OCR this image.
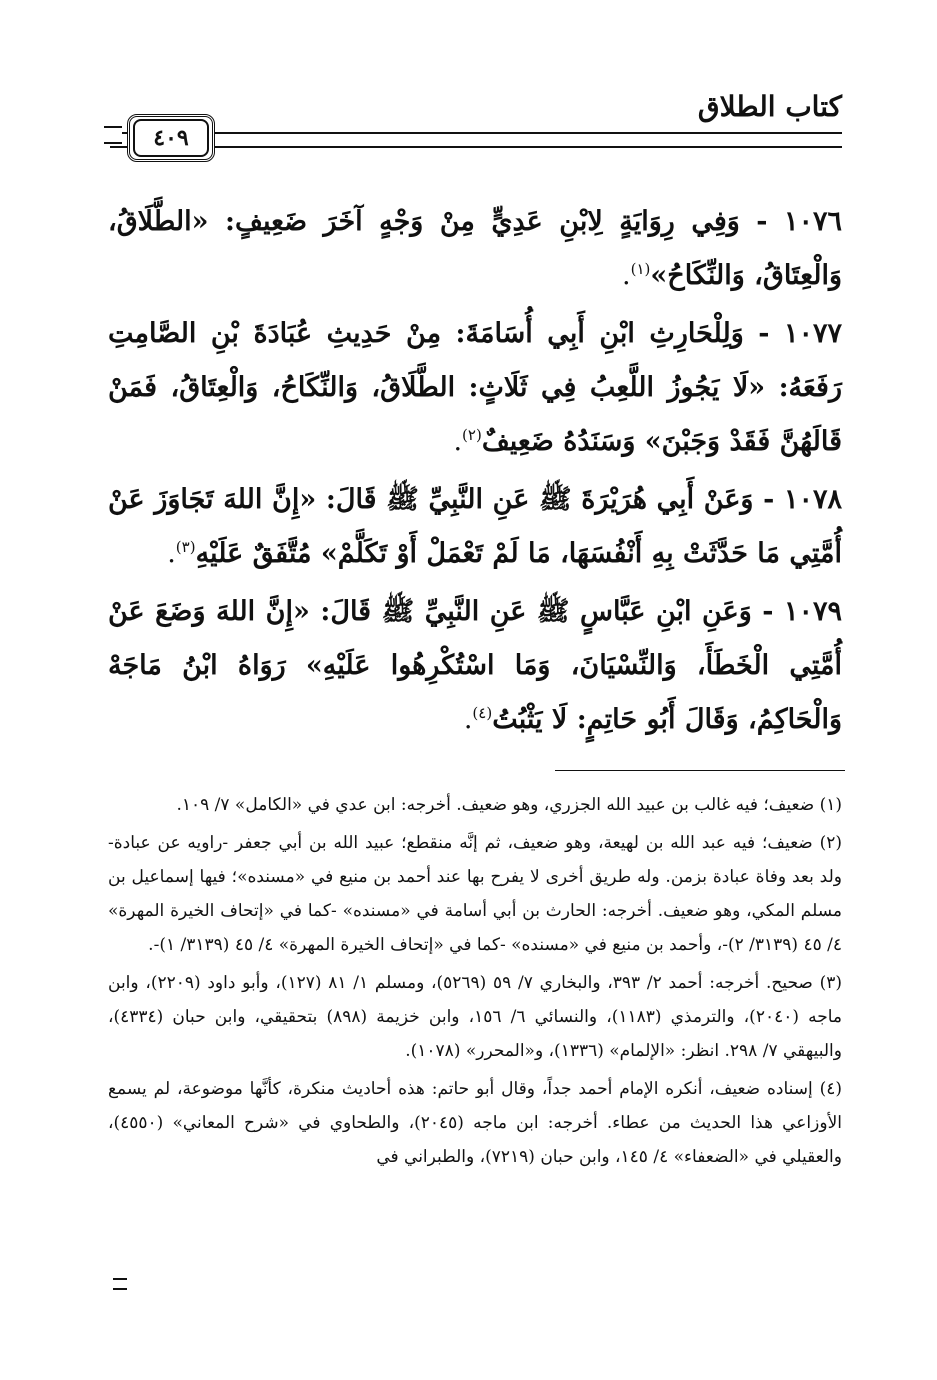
كتاب الطلاق
٤٠٩

١٠٧٦ - وَفِي رِوَايَةٍ لِابْنِ عَدِيٍّ مِنْ وَجْهٍ آخَرَ ضَعِيفٍ: «الطَّلَاقُ، وَالْعِتَاقُ، وَالنِّكَاحُ»$^{(١)}$.

١٠٧٧ - وَلِلْحَارِثِ ابْنِ أَبِي أُسَامَةَ: مِنْ حَدِيثِ عُبَادَةَ بْنِ الصَّامِتِ رَفَعَهُ: «لَا يَجُوزُ اللَّعِبُ فِي ثَلَاثٍ: الطَّلَاقُ، وَالنِّكَاحُ، وَالْعِتَاقُ، فَمَنْ قَالَهُنَّ فَقَدْ وَجَبْنَ» وَسَنَدُهُ ضَعِيفٌ$^{(٢)}$.

١٠٧٨ - وَعَنْ أَبِي هُرَيْرَةَ ﷺ عَنِ النَّبِيِّ ﷺ قَالَ: «إِنَّ اللهَ تَجَاوَزَ عَنْ أُمَّتِي مَا حَدَّثَتْ بِهِ أَنْفُسَهَا، مَا لَمْ تَعْمَلْ أَوْ تَكَلَّمْ» مُتَّفَقٌ عَلَيْهِ$^{(٣)}$.

١٠٧٩ - وَعَنِ ابْنِ عَبَّاسٍ ﷺ عَنِ النَّبِيِّ ﷺ قَالَ: «إِنَّ اللهَ وَضَعَ عَنْ أُمَّتِي الْخَطَأَ، وَالنِّسْيَانَ، وَمَا اسْتُكْرِهُوا عَلَيْهِ» رَوَاهُ ابْنُ مَاجَهْ وَالْحَاكِمُ، وَقَالَ أَبُو حَاتِمٍ: لَا يَثْبُتُ$^{(٤)}$.

(١) ضعيف؛ فيه غالب بن عبيد الله الجزري، وهو ضعيف. أخرجه: ابن عدي في «الكامل» ٧/ ١٠٩.

(٢) ضعيف؛ فيه عبد الله بن لهيعة، وهو ضعيف، ثم إنَّه منقطع؛ عبيد الله بن أبي جعفر -راويه عن عبادة- ولد بعد وفاة عبادة بزمن. وله طريق أخرى لا يفرح بها عند أحمد بن منيع في «مسنده»؛ فيها إسماعيل بن مسلم المكي، وهو ضعيف. أخرجه: الحارث بن أبي أسامة في «مسنده» -كما في «إتحاف الخيرة المهرة» ٤/ ٤٥ (٣١٣٩/ ٢)-، وأحمد بن منيع في «مسنده» -كما في «إتحاف الخيرة المهرة» ٤/ ٤٥ (٣١٣٩/ ١)-.

(٣) صحيح. أخرجه: أحمد ٢/ ٣٩٣، والبخاري ٧/ ٥٩ (٥٢٦٩)، ومسلم ١/ ٨١ (١٢٧)، وأبو داود (٢٢٠٩)، وابن ماجه (٢٠٤٠)، والترمذي (١١٨٣)، والنسائي ٦/ ١٥٦، وابن خزيمة (٨٩٨) بتحقيقي، وابن حبان (٤٣٣٤)، والبيهقي ٧/ ٢٩٨. انظر: «الإلمام» (١٣٣٦)، و«المحرر» (١٠٧٨).

(٤) إسناده ضعيف، أنكره الإمام أحمد جداً، وقال أبو حاتم: هذه أحاديث منكرة، كأنَّها موضوعة، لم يسمع الأوزاعي هذا الحديث من عطاء. أخرجه: ابن ماجه (٢٠٤٥)، والطحاوي في «شرح المعاني» (٤٥٥٠)، والعقيلي في «الضعفاء» ٤/ ١٤٥، وابن حبان (٧٢١٩)، والطبراني في
